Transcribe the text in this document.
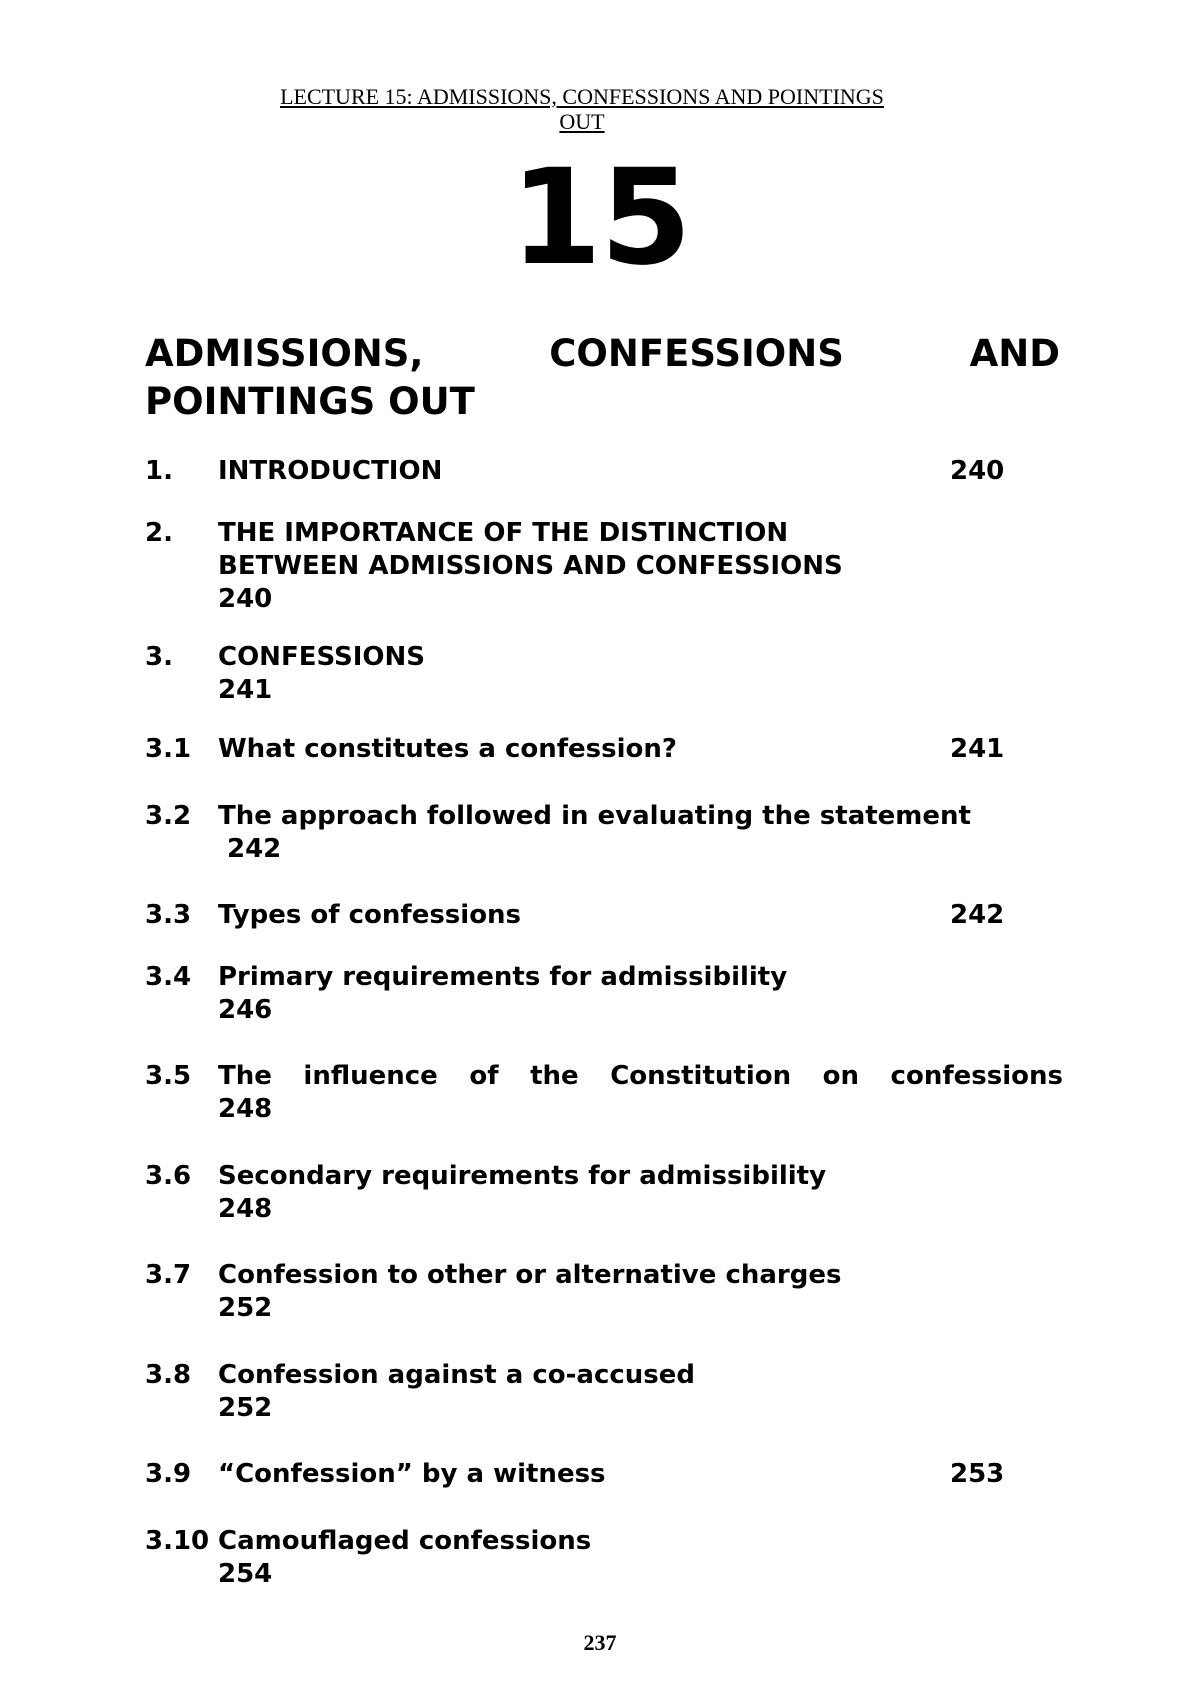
LECTURE 15: ADMISSIONS, CONFESSIONS AND POINTINGS
OUT
15
ADMISSIONS,	CONFESSIONS	AND
POINTINGS OUT
1. INTRODUCTION	240
2. THE IMPORTANCE OF THE DISTINCTION
BETWEEN ADMISSIONS AND CONFESSIONS
240
3. CONFESSIONS
241
3.1 What constitutes a confession?	241
3.2 The approach followed in evaluating the statement
242
3.3 Types of confessions	242
3.4 Primary requirements for admissibility
246
3.5 The influence of the Constitution on confessions
248
3.6 Secondary requirements for admissibility
248
3.7 Confession to other or alternative charges
252
3.8 Confession against a co-accused
252
3.9 “Confession” by a witness	253
3.10 Camouflaged confessions
254
237
